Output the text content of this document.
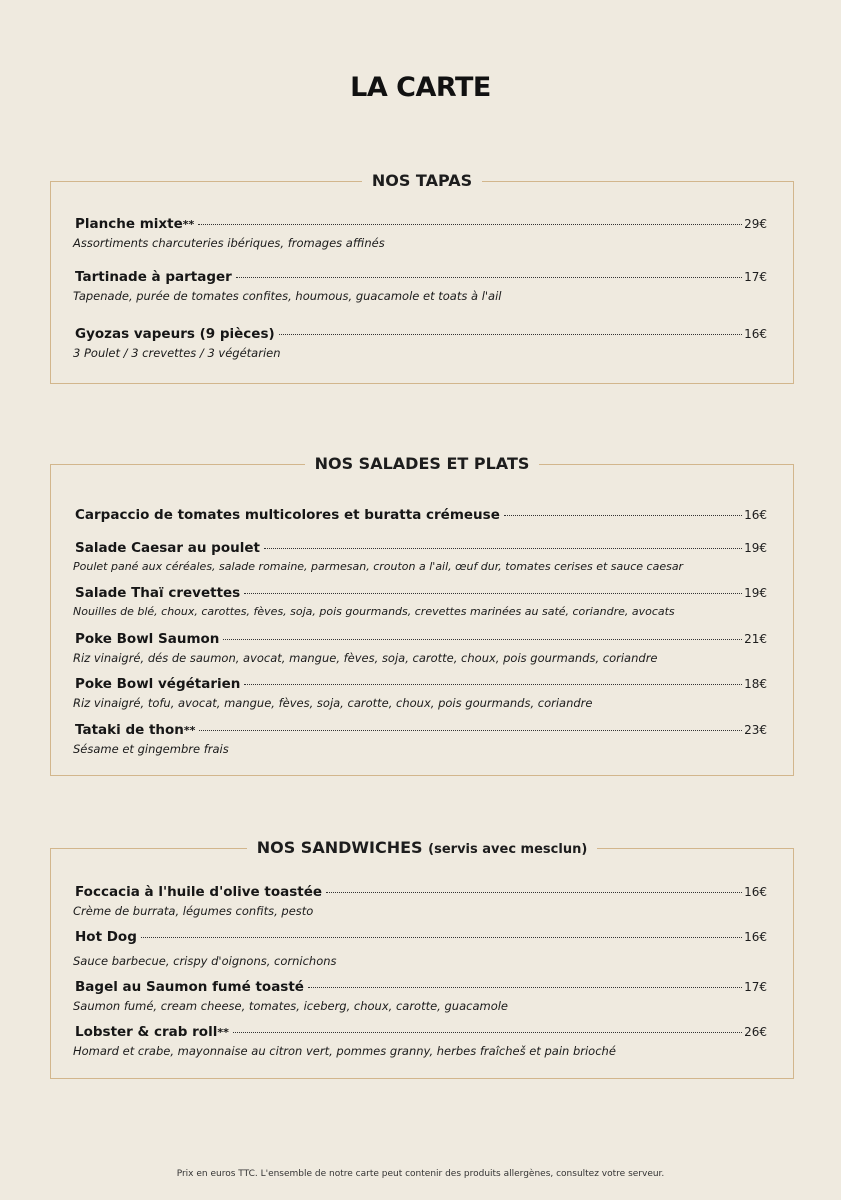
LA CARTE
NOS TAPAS
Planche mixte**	29€
Assortiments charcuteries ibériques, fromages affinés
Tartinade à partager	17€
Tapenade, purée de tomates confites, houmous, guacamole et toats à l'ail
Gyozas vapeurs (9 pièces)	16€
3 Poulet / 3 crevettes / 3 végétarien
NOS SALADES ET PLATS
Carpaccio de tomates multicolores et buratta crémeuse	16€
Salade Caesar au poulet	19€
Poulet pané aux céréales, salade romaine, parmesan, crouton a l'ail, œuf dur, tomates cerises et sauce caesar
Salade Thaï crevettes	19€
Nouilles de blé, choux, carottes, fèves, soja, pois gourmands, crevettes marinées au saté, coriandre, avocats
Poke Bowl Saumon	21€
Riz vinaigré, dés de saumon, avocat, mangue, fèves, soja, carotte, choux, pois gourmands, coriandre
Poke Bowl végétarien	18€
Riz vinaigré, tofu, avocat, mangue, fèves, soja, carotte, choux, pois gourmands, coriandre
Tataki de thon**	23€
Sésame et gingembre frais
NOS SANDWICHES (servis avec mesclun)
Foccacia à l'huile d'olive toastée	16€
Crème de burrata, légumes confits, pesto
Hot Dog	16€
Sauce barbecue, crispy d'oignons, cornichons
Bagel au Saumon fumé toasté	17€
Saumon fumé, cream cheese, tomates, iceberg, choux, carotte, guacamole
Lobster & crab roll**	26€
Homard et crabe, mayonnaise au citron vert, pommes granny, herbes fraîcheš et pain brioché
Prix en euros TTC. L'ensemble de notre carte peut contenir des produits allergènes, consultez votre serveur.
